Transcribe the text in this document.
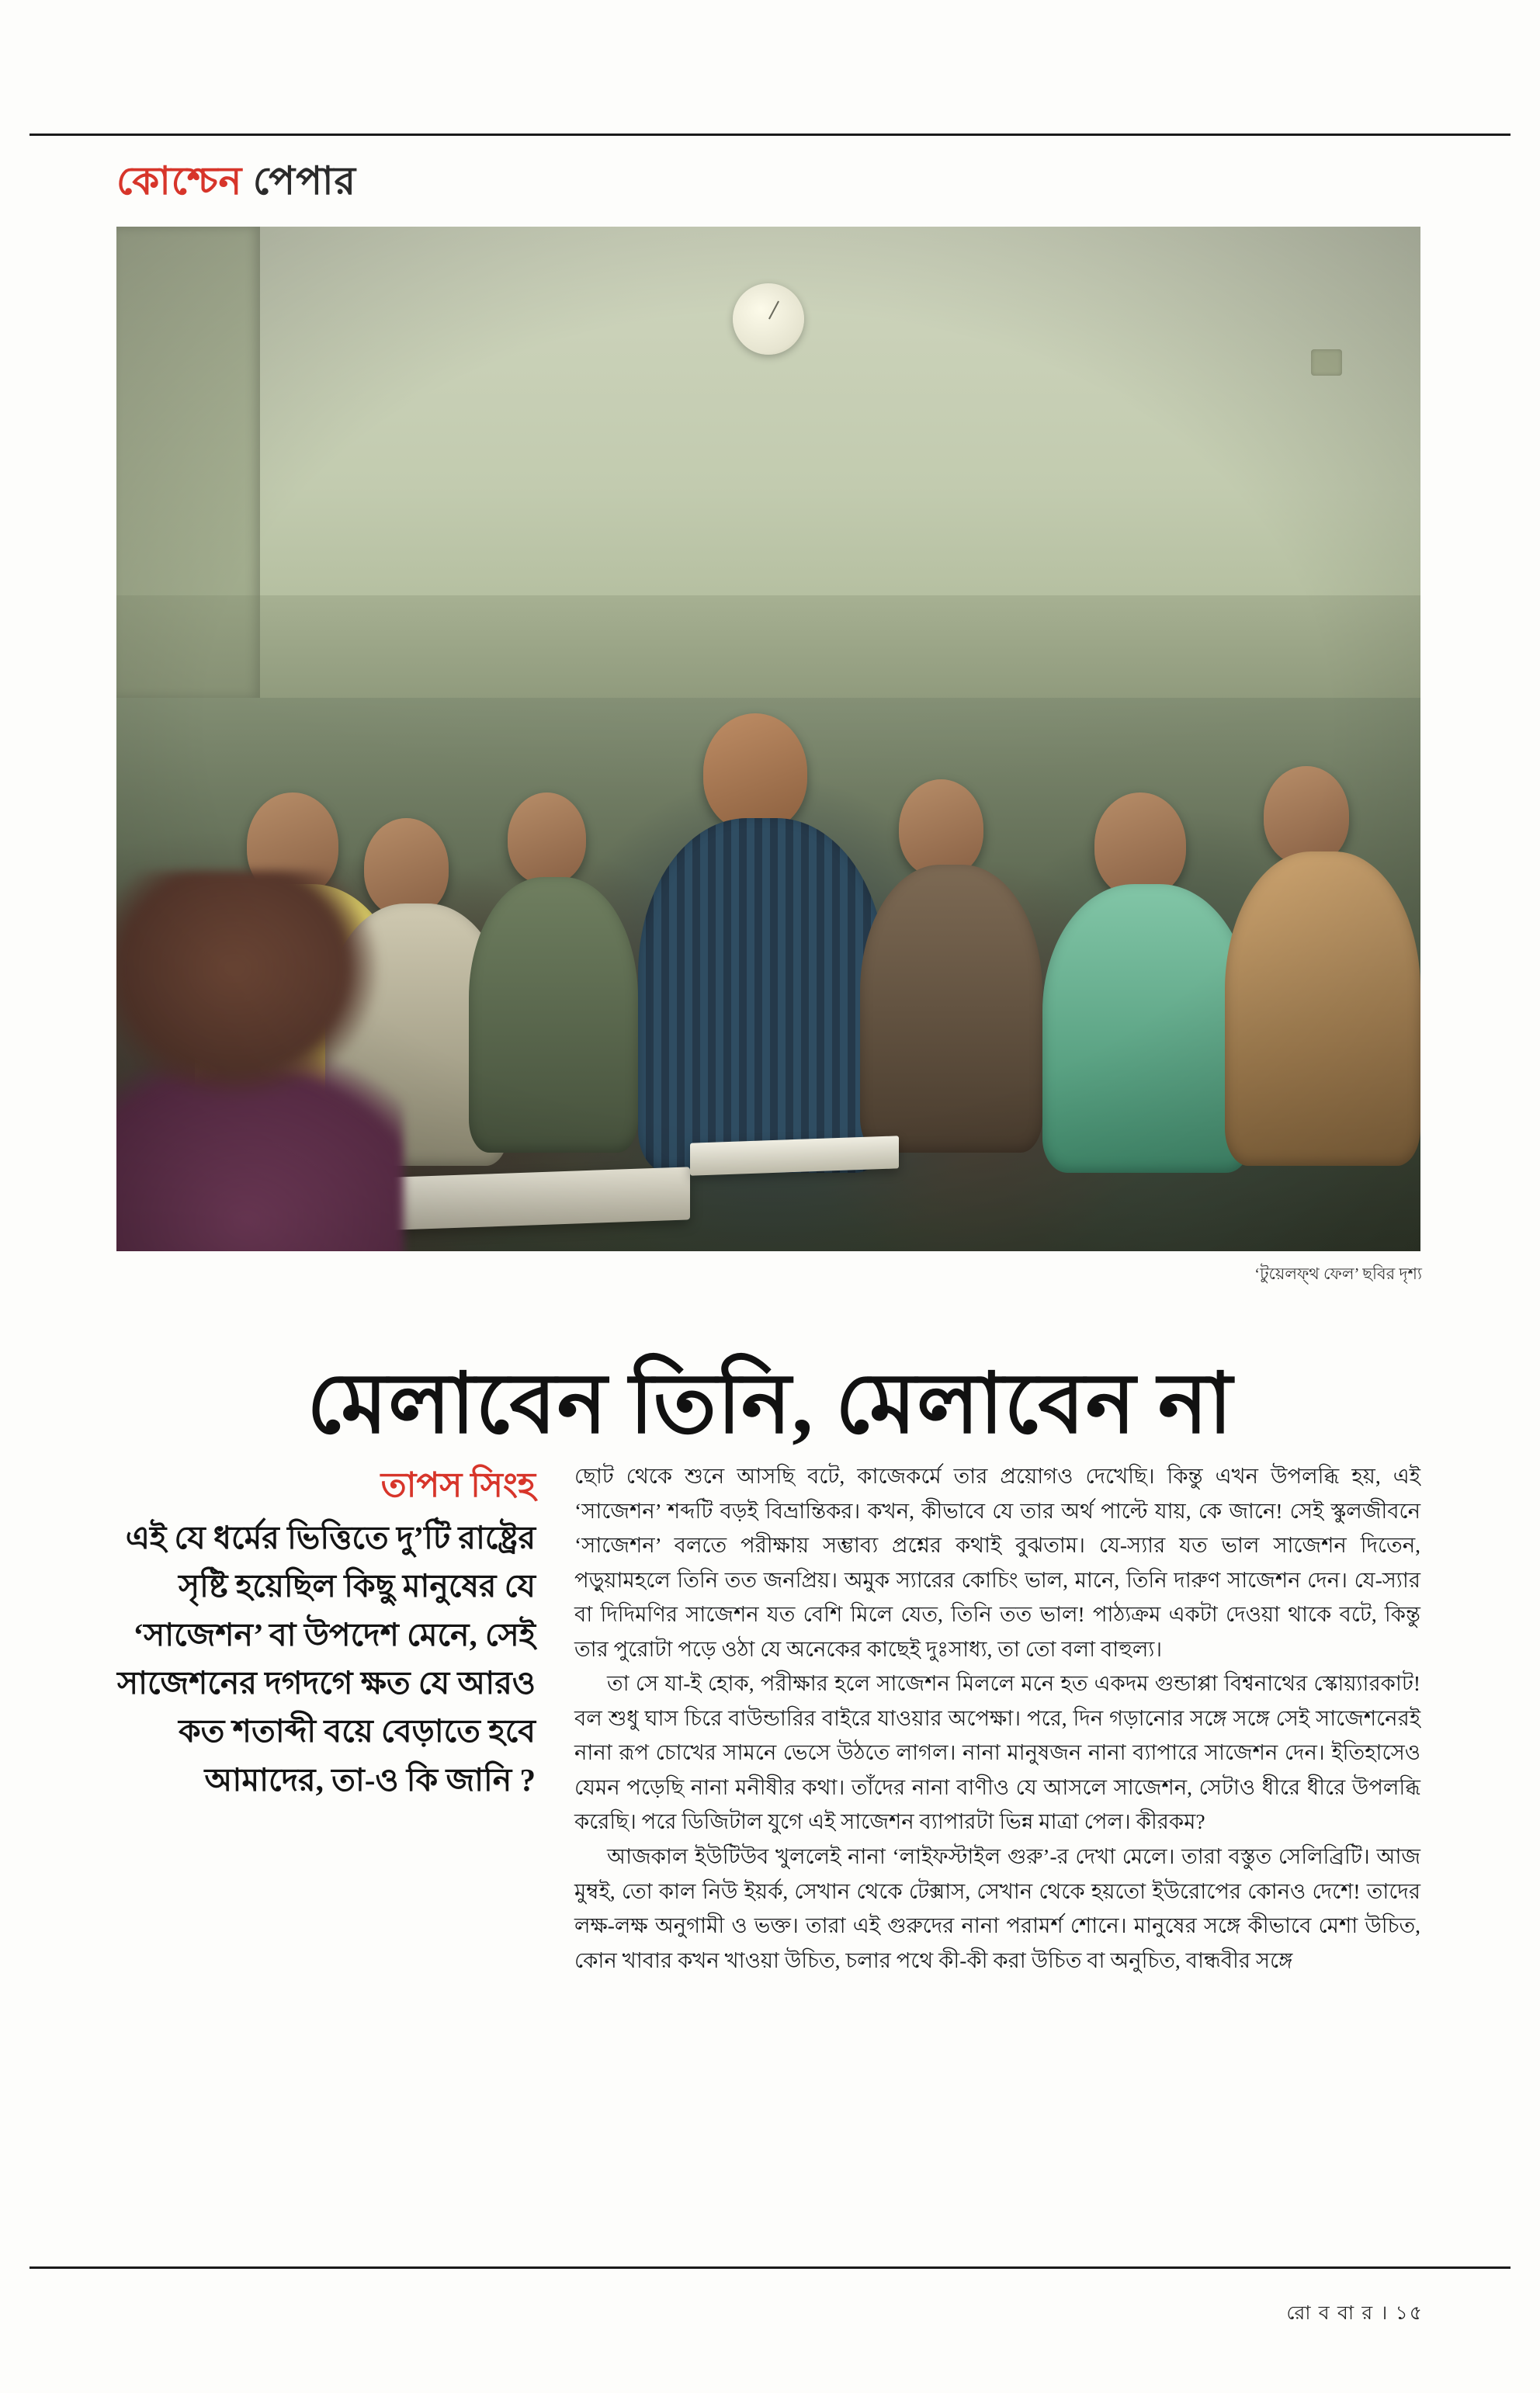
কোশ্চেন পেপার
‘টুয়েলফ্‌থ ফেল’ ছবির দৃশ্য
মেলাবেন তিনি, মেলাবেন না
তাপস সিংহ
এই যে ধর্মের ভিত্তিতে দু’টি রাষ্ট্রের সৃষ্টি হয়েছিল কিছু মানুষের যে ‘সাজেশন’ বা উপদেশ মেনে, সেই সাজেশনের দগদগে ক্ষত যে আরও কত শতাব্দী বয়ে বেড়াতে হবে আমাদের, তা-ও কি জানি ?

ছোট থেকে শুনে আসছি বটে, কাজেকর্মে তার প্রয়োগও দেখেছি। কিন্তু এখন উপলব্ধি হয়, এই ‘সাজেশন’ শব্দটি বড়ই বিভ্রান্তিকর। কখন, কীভাবে যে তার অর্থ পাল্টে যায়, কে জানে! সেই স্কুলজীবনে ‘সাজেশন’ বলতে পরীক্ষায় সম্ভাব্য প্রশ্নের কথাই বুঝতাম। যে-স্যার যত ভাল সাজেশন দিতেন, পড়ুয়ামহলে তিনি তত জনপ্রিয়। অমুক স্যারের কোচিং ভাল, মানে, তিনি দারুণ সাজেশন দেন। যে-স্যার বা দিদিমণির সাজেশন যত বেশি মিলে যেত, তিনি তত ভাল! পাঠ্যক্রম একটা দেওয়া থাকে বটে, কিন্তু তার পুরোটা পড়ে ওঠা যে অনেকের কাছেই দুঃসাধ্য, তা তো বলা বাহুল্য।

তা সে যা-ই হোক, পরীক্ষার হলে সাজেশন মিললে মনে হত একদম গুন্ডাপ্পা বিশ্বনাথের স্কোয়্যারকাট! বল শুধু ঘাস চিরে বাউন্ডারির বাইরে যাওয়ার অপেক্ষা। পরে, দিন গড়ানোর সঙ্গে সঙ্গে সেই সাজেশনেরই নানা রূপ চোখের সামনে ভেসে উঠতে লাগল। নানা মানুষজন নানা ব্যাপারে সাজেশন দেন। ইতিহাসেও যেমন পড়েছি নানা মনীষীর কথা। তাঁদের নানা বাণীও যে আসলে সাজেশন, সেটাও ধীরে ধীরে উপলব্ধি করেছি। পরে ডিজিটাল যুগে এই সাজেশন ব্যাপারটা ভিন্ন মাত্রা পেল। কীরকম?

আজকাল ইউটিউব খুললেই নানা ‘লাইফস্টাইল গুরু’-র দেখা মেলে। তারা বস্তুত সেলিব্রিটি। আজ মুম্বই, তো কাল নিউ ইয়র্ক, সেখান থেকে টেক্সাস, সেখান থেকে হয়তো ইউরোপের কোনও দেশে! তাদের লক্ষ-লক্ষ অনুগামী ও ভক্ত। তারা এই গুরুদের নানা পরামর্শ শোনে। মানুষের সঙ্গে কীভাবে মেশা উচিত, কোন খাবার কখন খাওয়া উচিত, চলার পথে কী-কী করা উচিত বা অনুচিত, বান্ধবীর সঙ্গে

রো ব বা র । ১৫
